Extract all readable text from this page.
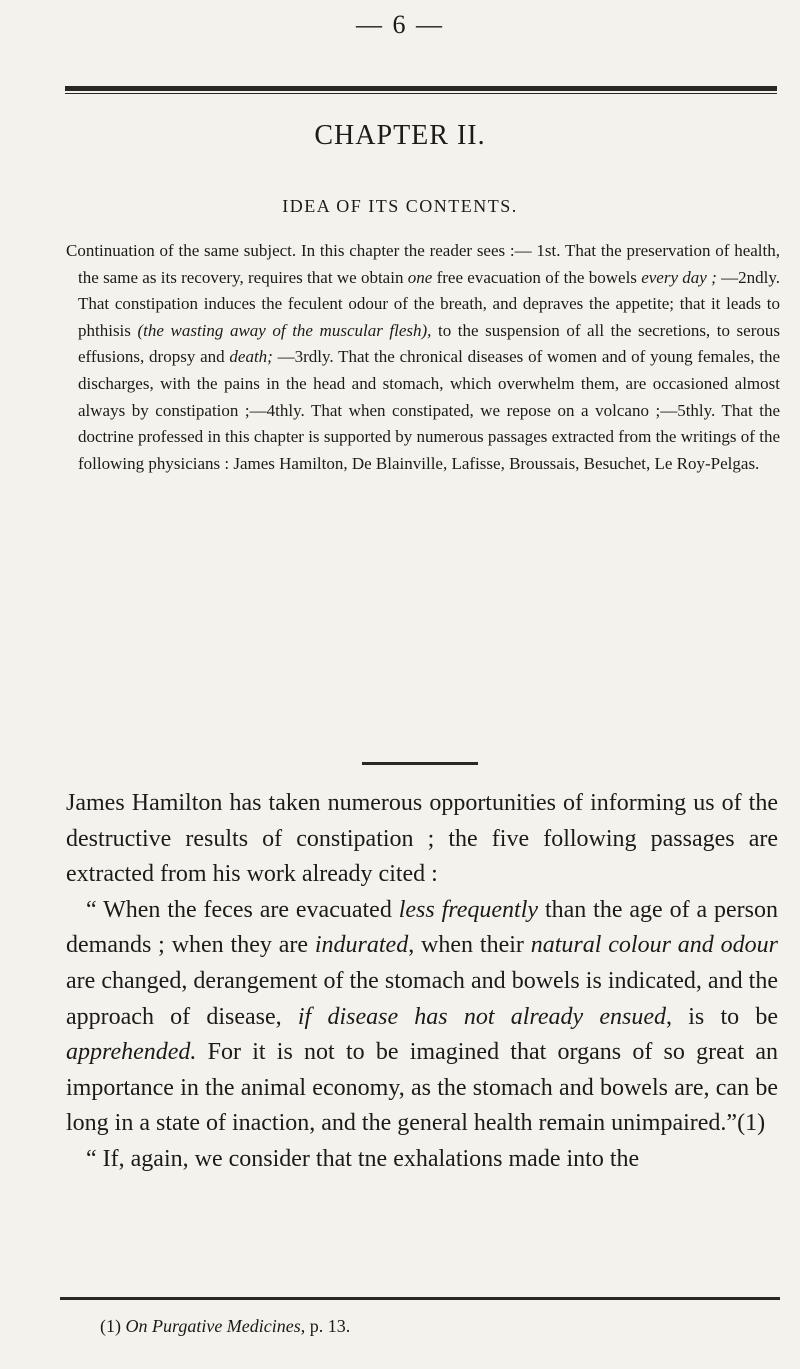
— 6 —
CHAPTER II.
IDEA OF ITS CONTENTS.

Continuation of the same subject. In this chapter the reader sees :— 1st. That the preservation of health, the same as its recovery, requires that we obtain one free evacuation of the bowels every day ; —2ndly. That constipation induces the feculent odour of the breath, and depraves the appetite; that it leads to phthisis (the wasting away of the muscular flesh), to the suspension of all the secretions, to serous effusions, dropsy and death; —3rdly. That the chronical diseases of women and of young females, the discharges, with the pains in the head and stomach, which overwhelm them, are occasioned almost always by constipation ;—4thly. That when constipated, we repose on a volcano ;—5thly. That the doctrine professed in this chapter is supported by numerous passages extracted from the writings of the following physicians : James Hamilton, De Blainville, Lafisse, Broussais, Besuchet, Le Roy-Pelgas.

James Hamilton has taken numerous opportunities of informing us of the destructive results of constipation ; the five following passages are extracted from his work already cited :

“ When the feces are evacuated less frequently than the age of a person demands ; when they are indurated, when their natural colour and odour are changed, derangement of the stomach and bowels is indicated, and the approach of disease, if disease has not already ensued, is to be apprehended. For it is not to be imagined that organs of so great an importance in the animal economy, as the stomach and bowels are, can be long in a state of inaction, and the general health remain unimpaired.”(1)

“ If, again, we consider that tne exhalations made into the

(1) On Purgative Medicines, p. 13.
